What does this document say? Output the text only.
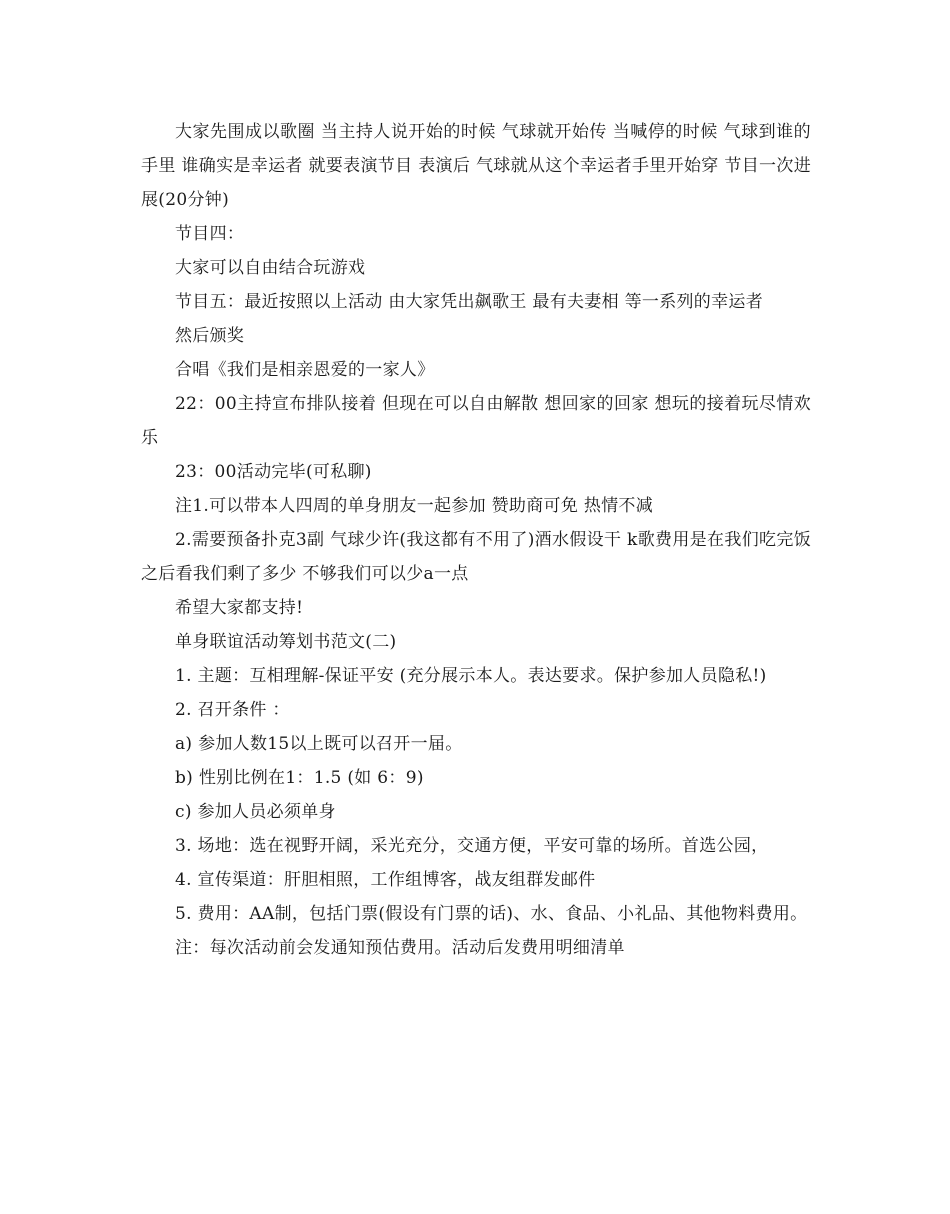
大家先围成以歌圈 当主持人说开始的时候 气球就开始传 当喊停的时候 气球到谁的手里 谁确实是幸运者 就要表演节目 表演后 气球就从这个幸运者手里开始穿 节目一次进展(20分钟)

节目四：

大家可以自由结合玩游戏

节目五：最近按照以上活动 由大家凭出飙歌王 最有夫妻相 等一系列的幸运者

然后颁奖

合唱《我们是相亲恩爱的一家人》

22：00主持宣布排队接着 但现在可以自由解散 想回家的回家 想玩的接着玩尽情欢乐

23：00活动完毕(可私聊)

注1.可以带本人四周的单身朋友一起参加 赞助商可免 热情不减

2.需要预备扑克3副 气球少许(我这都有不用了)酒水假设干 k歌费用是在我们吃完饭之后看我们剩了多少 不够我们可以少a一点

希望大家都支持!

单身联谊活动筹划书范文(二)

1. 主题：互相理解-保证平安 (充分展示本人。表达要求。保护参加人员隐私!)

2. 召开条件 ：

a) 参加人数15以上既可以召开一届。

b) 性别比例在1：1.5 (如 6：9)

c) 参加人员必须单身

3. 场地：选在视野开阔，采光充分，交通方便，平安可靠的场所。首选公园，

4. 宣传渠道：肝胆相照，工作组博客，战友组群发邮件

5. 费用：AA制，包括门票(假设有门票的话)、水、食品、小礼品、其他物料费用。

注：每次活动前会发通知预估费用。活动后发费用明细清单
